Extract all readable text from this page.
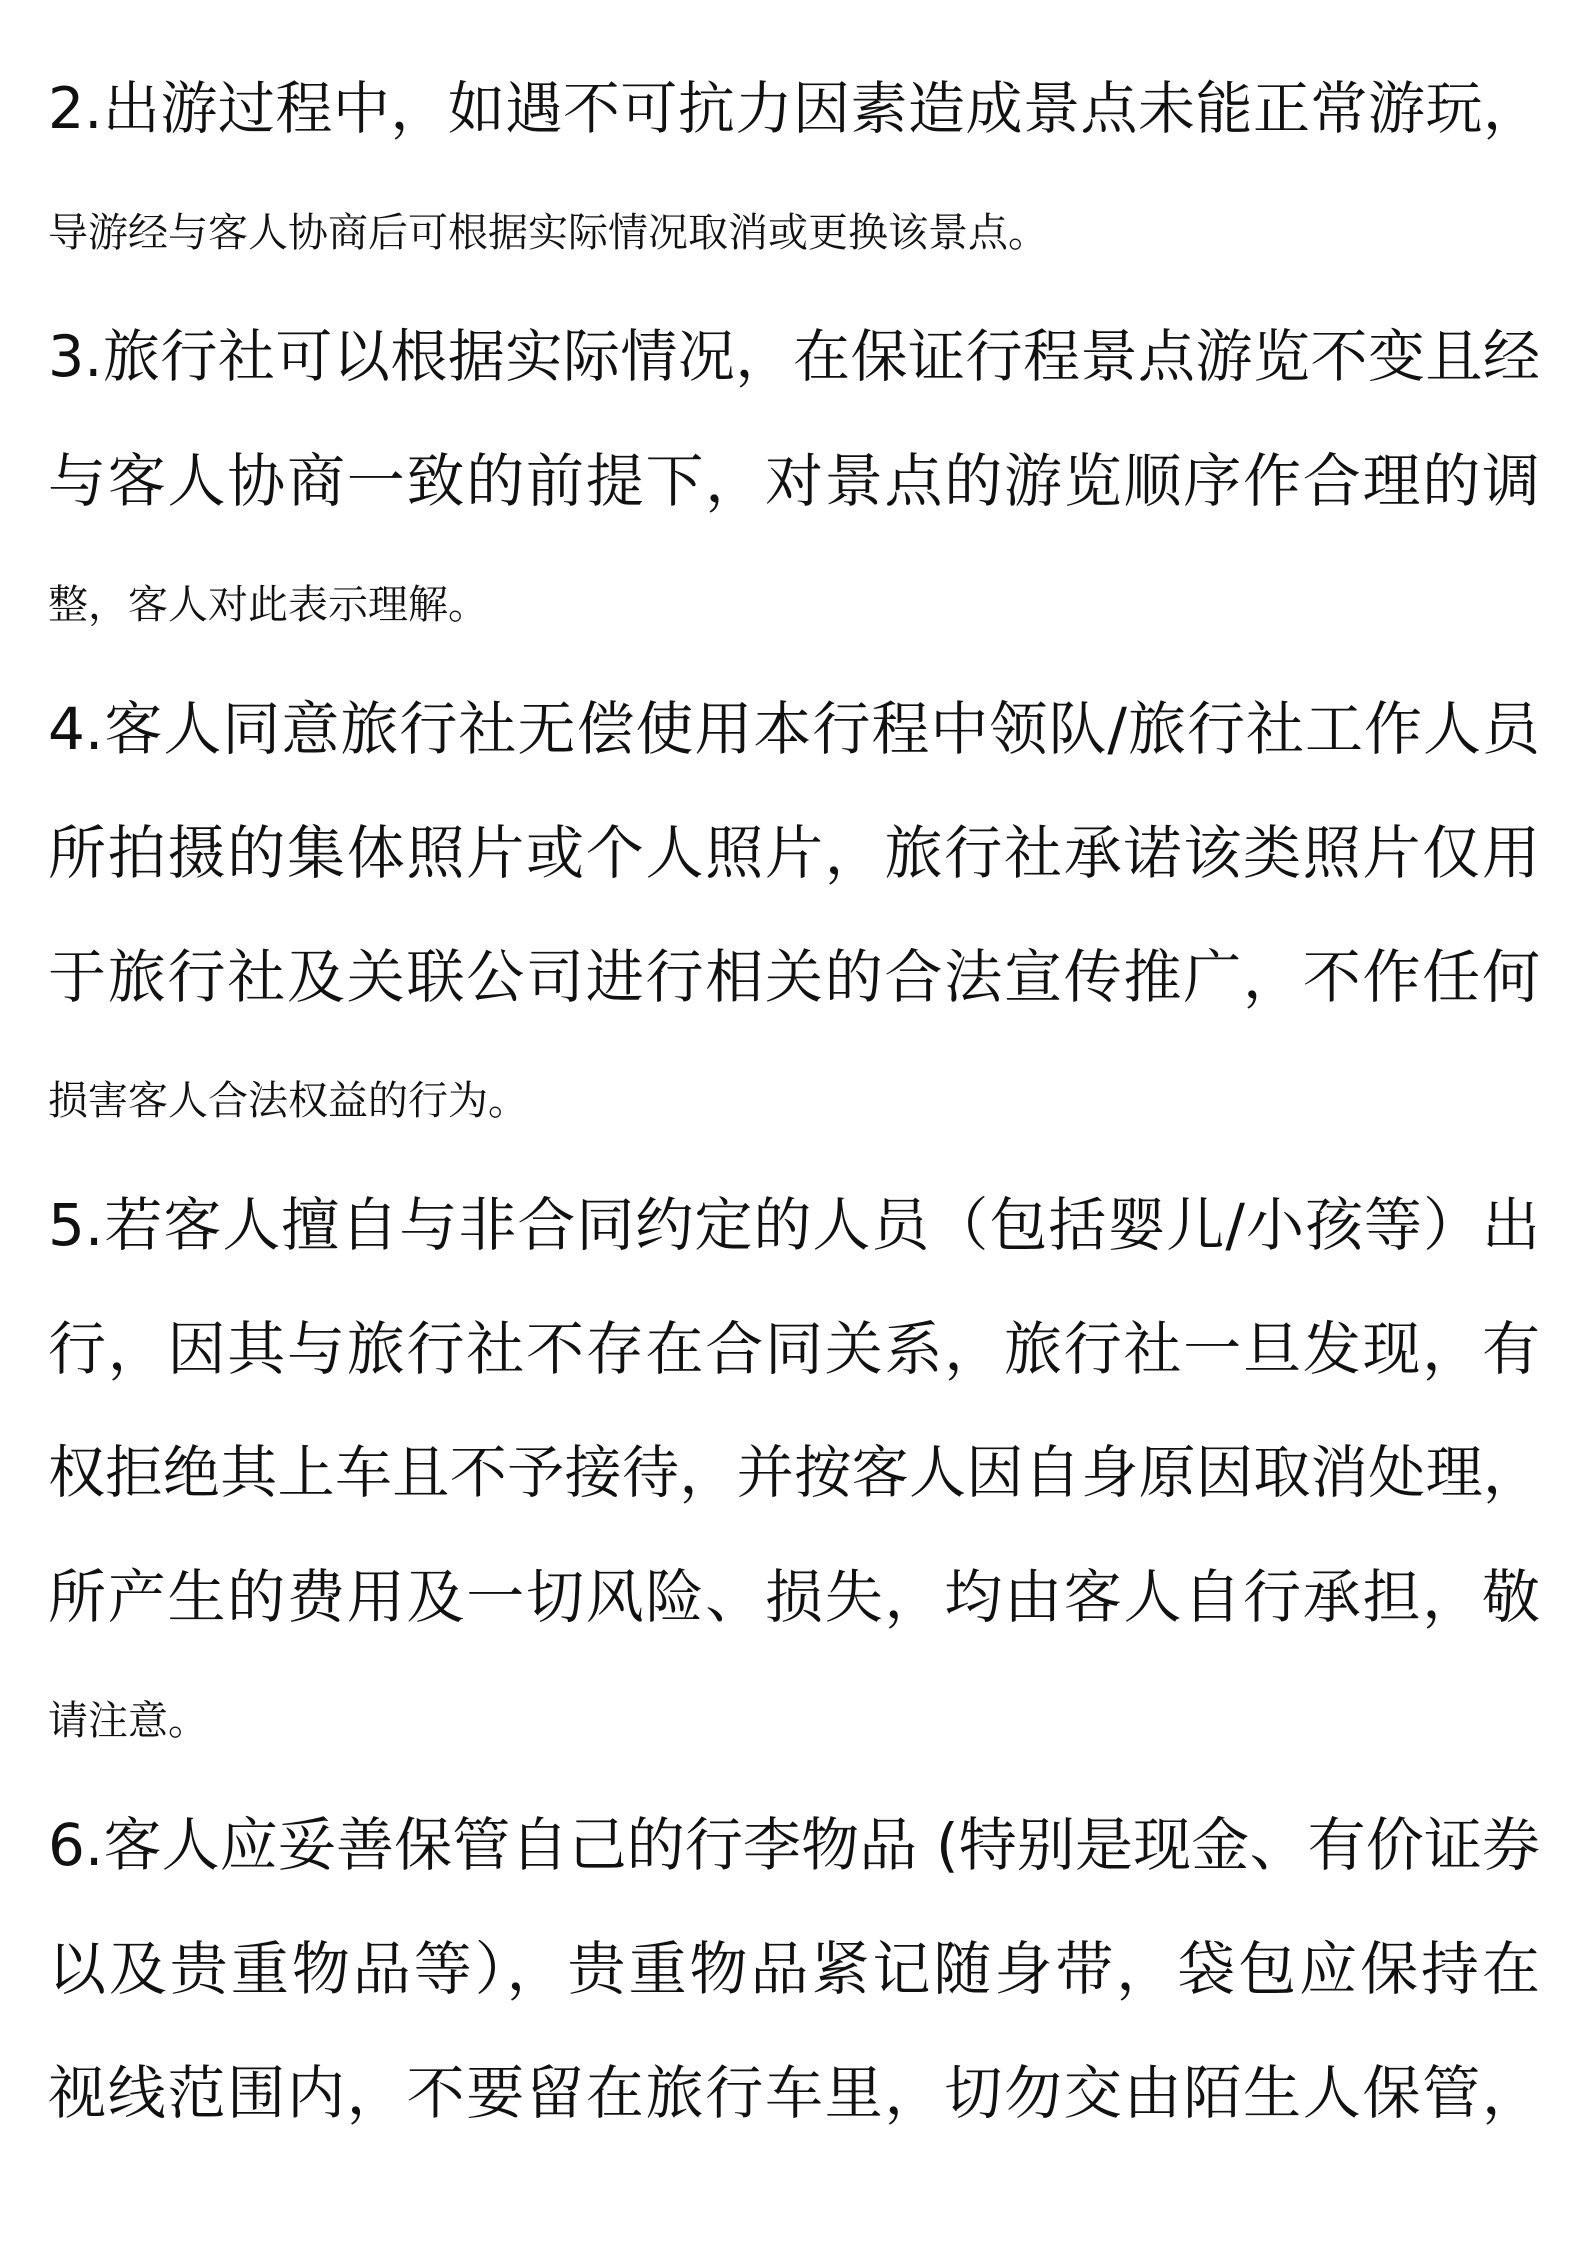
2.出游过程中，如遇不可抗力因素造成景点未能正常游玩，
导游经与客人协商后可根据实际情况取消或更换该景点。
3.旅行社可以根据实际情况，在保证行程景点游览不变且经
与客人协商一致的前提下，对景点的游览顺序作合理的调
整，客人对此表示理解。
4.客人同意旅行社无偿使用本行程中领队/旅行社工作人员
所拍摄的集体照片或个人照片，旅行社承诺该类照片仅用
于旅行社及关联公司进行相关的合法宣传推广，不作任何
损害客人合法权益的行为。
5.若客人擅自与非合同约定的人员（包括婴儿/小孩等）出
行，因其与旅行社不存在合同关系，旅行社一旦发现，有
权拒绝其上车且不予接待，并按客人因自身原因取消处理，
所产生的费用及一切风险、损失，均由客人自行承担，敬
请注意。
6.客人应妥善保管自己的行李物品 (特别是现金、有价证券
以及贵重物品等），贵重物品紧记随身带，袋包应保持在
视线范围内，不要留在旅行车里，切勿交由陌生人保管，
